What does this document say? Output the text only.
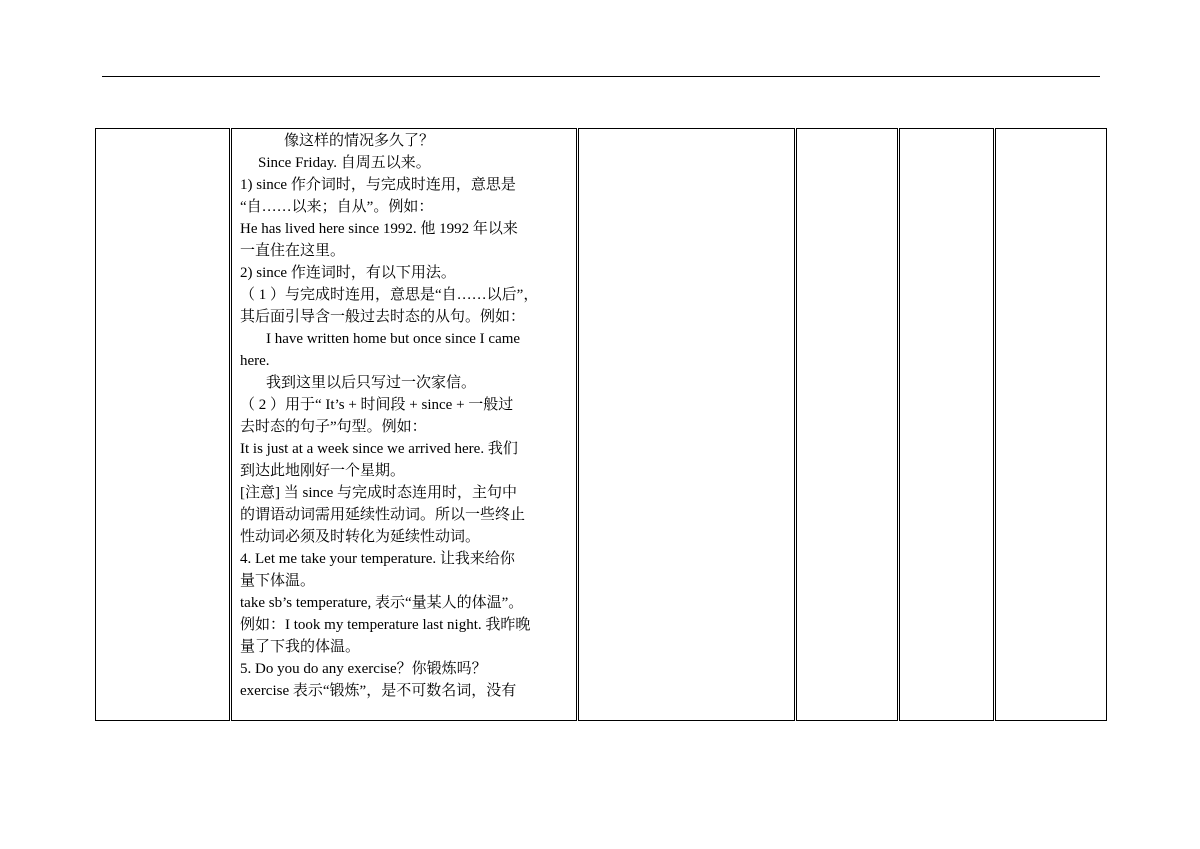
像这样的情况多久了？

Since Friday. 自周五以来。

1) since 作介词时，与完成时连用，意思是

“自……以来；自从”。例如：

He has lived here since 1992. 他 1992 年以来

一直住在这里。

2) since 作连词时，有以下用法。

（ 1 ）与完成时连用，意思是“自……以后”，

其后面引导含一般过去时态的从句。例如：

I have written home but once since I came

here.

我到这里以后只写过一次家信。

（ 2 ）用于“ It’s + 时间段 + since + 一般过

去时态的句子”句型。例如：

It is just at a week since we arrived here. 我们

到达此地刚好一个星期。

[注意] 当 since 与完成时态连用时，主句中

的谓语动词需用延续性动词。所以一些终止

性动词必须及时转化为延续性动词。

4. Let me take your temperature. 让我来给你

量下体温。

take sb’s temperature, 表示“量某人的体温”。

例如：I took my temperature last night. 我昨晚

量了下我的体温。

5. Do you do any exercise？你锻炼吗？

exercise 表示“锻炼”，是不可数名词，没有
